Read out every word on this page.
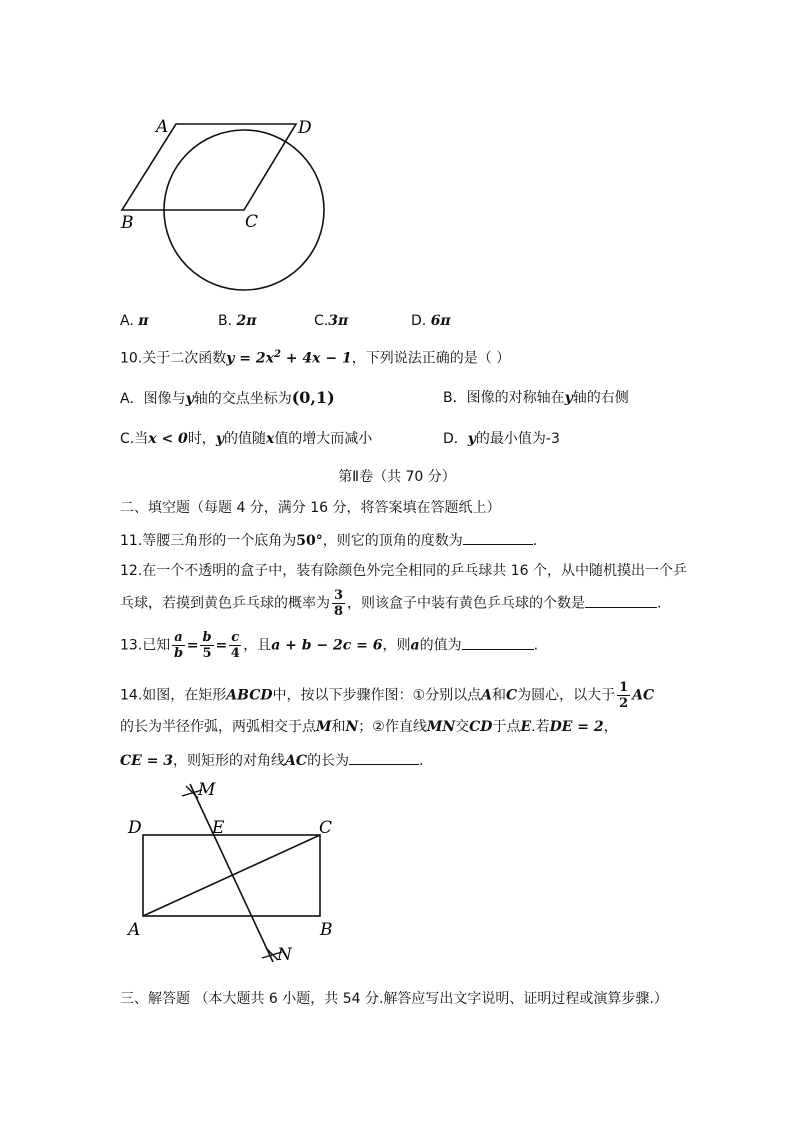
A	D
B	C
A. π	B. 2π	C.3π	D. 6π
10.关于二次函数$y = 2x^2 + 4x - 1$，下列说法正确的是（ ）
A．图像与y轴的交点坐标为(0,1)	B．图像的对称轴在y轴的右侧
C.当x < 0时，y的值随x值的增大而减小	D．y的最小值为-3
第Ⅱ卷（共 70 分）
二、填空题（每题 4 分，满分 16 分，将答案填在答题纸上）
11.等腰三角形的一个底角为50°，则它的顶角的度数为	.
12.在一个不透明的盒子中，装有除颜色外完全相同的乒乓球共 16 个，从中随机摸出一个乒
乓球，若摸到黄色乒乓球的概率为 $\frac{3}{8}$ ，则该盒子中装有黄色乒乓球的个数是	.
13.已知 $\frac{a}{b} = \frac{b}{5} = \frac{c}{4}$ ，且a + b − 2c = 6，则a的值为	.
14.如图，在矩形ABCD中，按以下步骤作图：①分别以点A和C为圆心，以大于 $\frac{1}{2}$ AC
的长为半径作弧，两弧相交于点M和N；②作直线MN交CD于点E.若DE = 2，
CE = 3，则矩形的对角线AC的长为	.
M
D	E	C
A	B
N
三、解答题 （本大题共 6 小题，共 54 分.解答应写出文字说明、证明过程或演算步骤.）
